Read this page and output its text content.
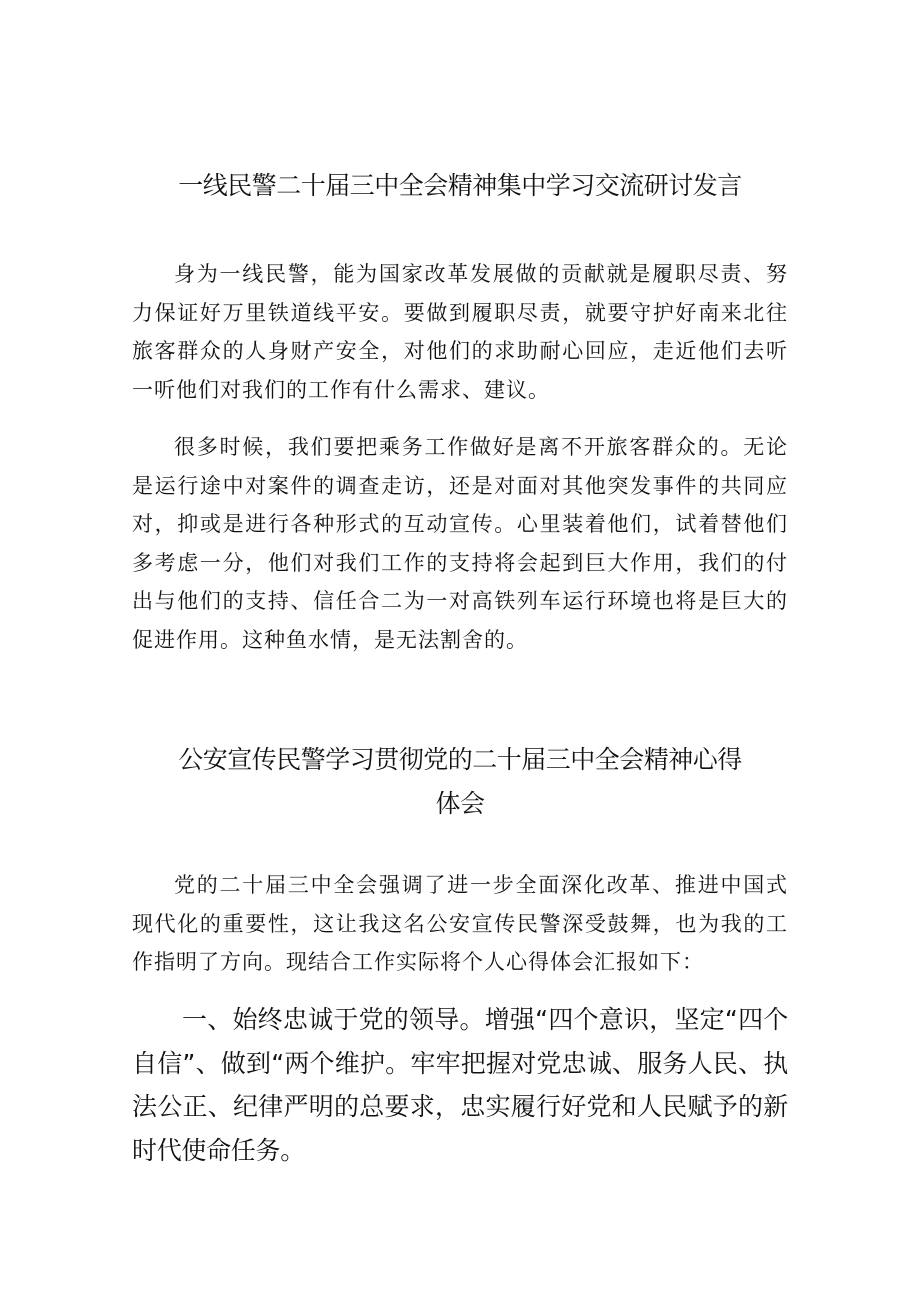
一线民警二十届三中全会精神集中学习交流研讨发言

身为一线民警，能为国家改革发展做的贡献就是履职尽责、努力保证好万里铁道线平安。要做到履职尽责，就要守护好南来北往旅客群众的人身财产安全，对他们的求助耐心回应，走近他们去听一听他们对我们的工作有什么需求、建议。

很多时候，我们要把乘务工作做好是离不开旅客群众的。无论是运行途中对案件的调查走访，还是对面对其他突发事件的共同应对，抑或是进行各种形式的互动宣传。心里装着他们，试着替他们多考虑一分，他们对我们工作的支持将会起到巨大作用，我们的付出与他们的支持、信任合二为一对高铁列车运行环境也将是巨大的促进作用。这种鱼水情，是无法割舍的。

公安宣传民警学习贯彻党的二十届三中全会精神心得
体会

党的二十届三中全会强调了进一步全面深化改革、推进中国式现代化的重要性，这让我这名公安宣传民警深受鼓舞，也为我的工作指明了方向。现结合工作实际将个人心得体会汇报如下：

一、始终忠诚于党的领导。增强“四个意识，坚定“四个自信”、做到“两个维护。牢牢把握对党忠诚、服务人民、执法公正、纪律严明的总要求，忠实履行好党和人民赋予的新时代使命任务。
